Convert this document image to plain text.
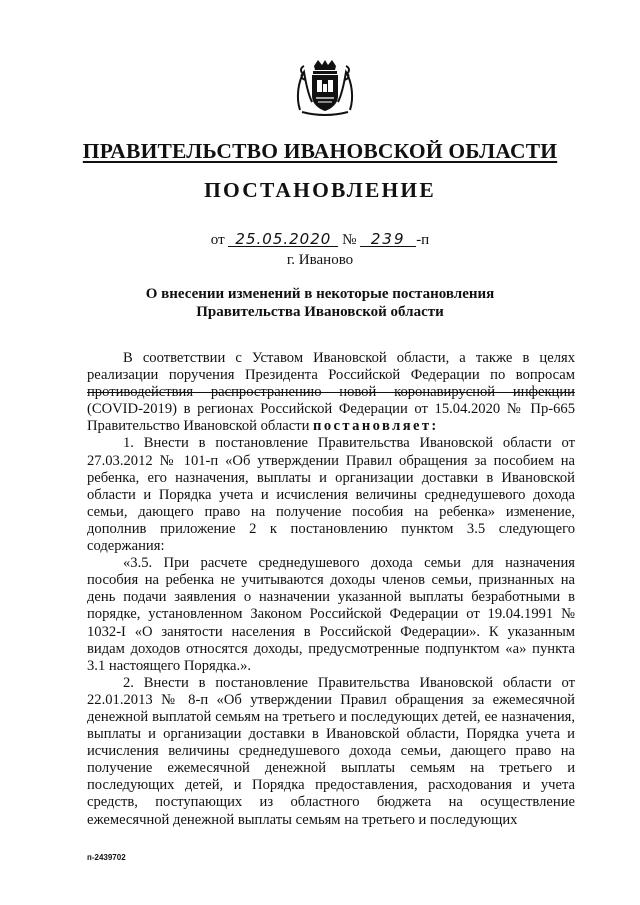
ПРАВИТЕЛЬСТВО ИВАНОВСКОЙ ОБЛАСТИ
ПОСТАНОВЛЕНИЕ
от 25.05.2020 № 239 -п
г. Иваново
О внесении изменений в некоторые постановления
Правительства Ивановской области

В соответствии с Уставом Ивановской области, а также в целях реализации поручения Президента Российской Федерации по вопросам противодействия распространению новой коронавирусной инфекции (COVID-2019) в регионах Российской Федерации от 15.04.2020 № Пр-665 Правительство Ивановской области постановляет:

1. Внести в постановление Правительства Ивановской области от 27.03.2012 № 101-п «Об утверждении Правил обращения за пособием на ребенка, его назначения, выплаты и организации доставки в Ивановской области и Порядка учета и исчисления величины среднедушевого дохода семьи, дающего право на получение пособия на ребенка» изменение, дополнив приложение 2 к постановлению пунктом 3.5 следующего содержания:

«3.5. При расчете среднедушевого дохода семьи для назначения пособия на ребенка не учитываются доходы членов семьи, признанных на день подачи заявления о назначении указанной выплаты безработными в порядке, установленном Законом Российской Федерации от 19.04.1991 № 1032-I «О занятости населения в Российской Федерации». К указанным видам доходов относятся доходы, предусмотренные подпунктом «а» пункта 3.1 настоящего Порядка.».

2. Внести в постановление Правительства Ивановской области от 22.01.2013 № 8-п «Об утверждении Правил обращения за ежемесячной денежной выплатой семьям на третьего и последующих детей, ее назначения, выплаты и организации доставки в Ивановской области, Порядка учета и исчисления величины среднедушевого дохода семьи, дающего право на получение ежемесячной денежной выплаты семьям на третьего и последующих детей, и Порядка предоставления, расходования и учета средств, поступающих из областного бюджета на осуществление ежемесячной денежной выплаты семьям на третьего и последующих

п-2439702
